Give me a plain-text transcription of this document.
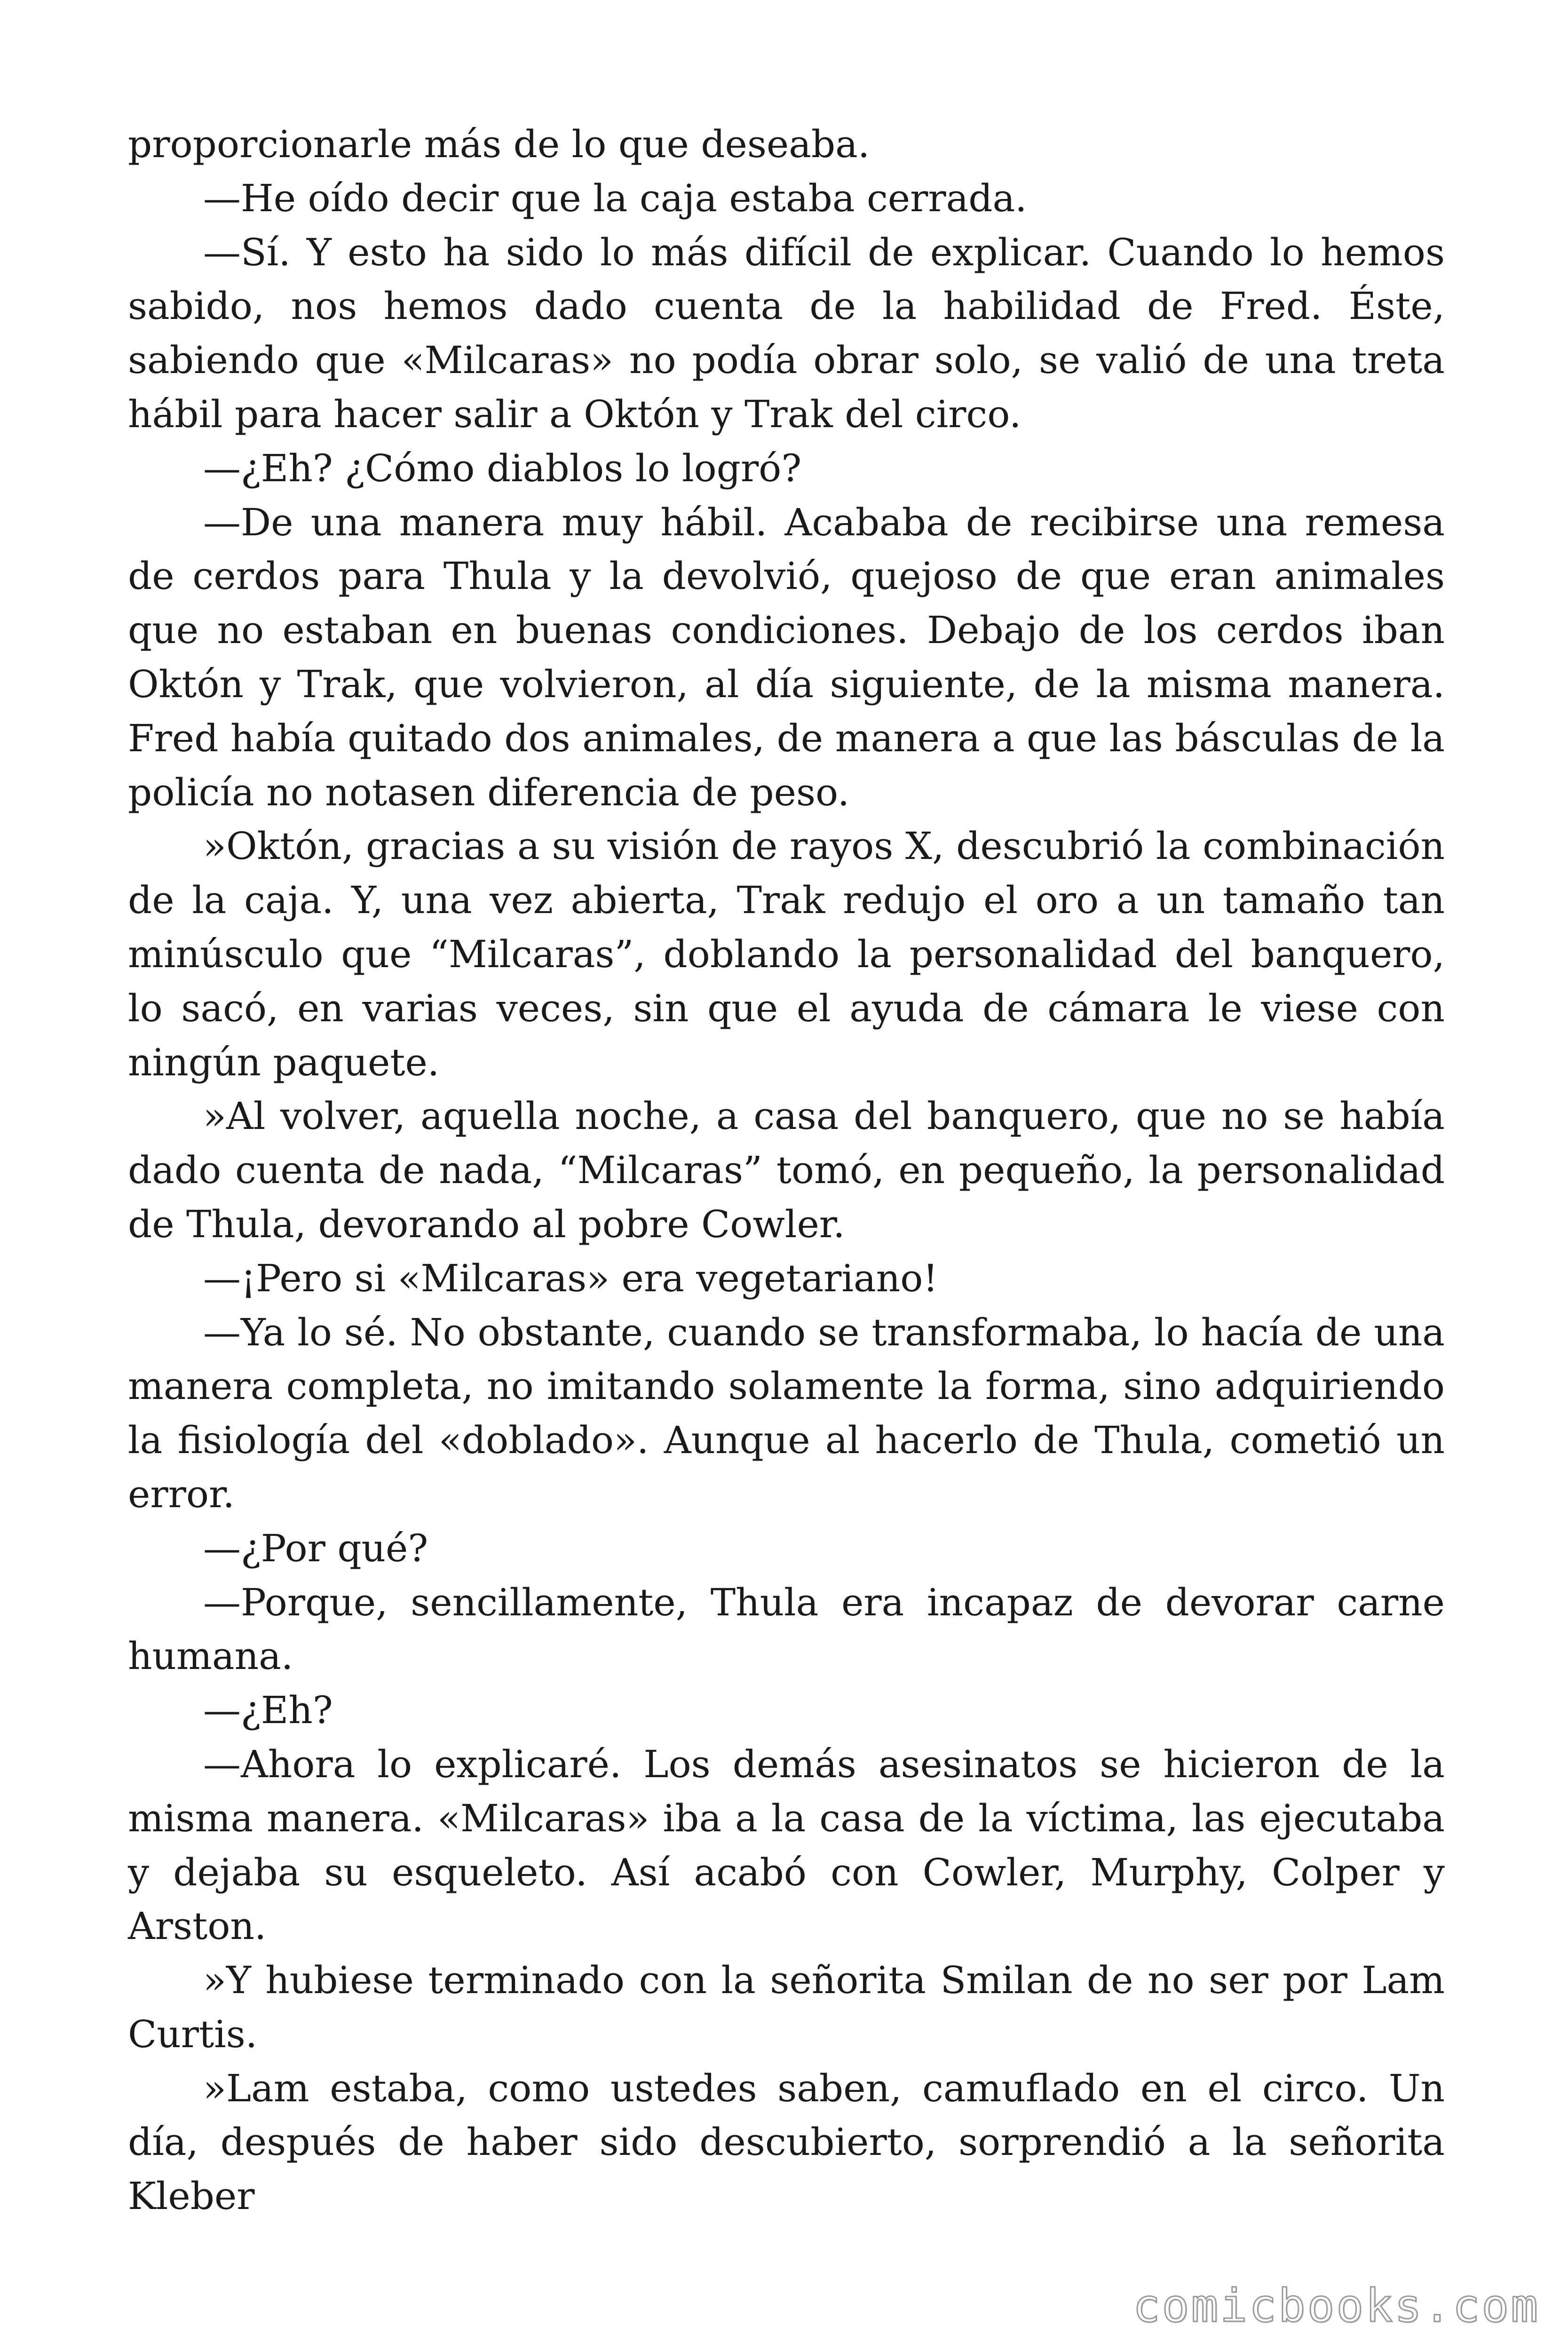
proporcionarle más de lo que deseaba.

—He oído decir que la caja estaba cerrada.

—Sí. Y esto ha sido lo más difícil de explicar. Cuando lo hemos sabido, nos hemos dado cuenta de la habilidad de Fred. Éste, sabiendo que «Milcaras» no podía obrar solo, se valió de una treta hábil para hacer salir a Októn y Trak del circo.

—¿Eh? ¿Cómo diablos lo logró?

—De una manera muy hábil. Acababa de recibirse una remesa de cerdos para Thula y la devolvió, quejoso de que eran animales que no estaban en buenas condiciones. Debajo de los cerdos iban Októn y Trak, que volvieron, al día siguiente, de la misma manera. Fred había quitado dos animales, de manera a que las básculas de la policía no notasen diferencia de peso.

»Októn, gracias a su visión de rayos X, descubrió la combinación de la caja. Y, una vez abierta, Trak redujo el oro a un tamaño tan minúsculo que “Milcaras”, doblando la personalidad del banquero, lo sacó, en varias veces, sin que el ayuda de cámara le viese con ningún paquete.

»Al volver, aquella noche, a casa del banquero, que no se había dado cuenta de nada, “Milcaras” tomó, en pequeño, la personalidad de Thula, devorando al pobre Cowler.

—¡Pero si «Milcaras» era vegetariano!

—Ya lo sé. No obstante, cuando se transformaba, lo hacía de una manera completa, no imitando solamente la forma, sino adquiriendo la fisiología del «doblado». Aunque al hacerlo de Thula, cometió un error.

—¿Por qué?

—Porque, sencillamente, Thula era incapaz de devorar carne humana.

—¿Eh?

—Ahora lo explicaré. Los demás asesinatos se hicieron de la misma manera. «Milcaras» iba a la casa de la víctima, las ejecutaba y dejaba su esqueleto. Así acabó con Cowler, Murphy, Colper y Arston.

»Y hubiese terminado con la señorita Smilan de no ser por Lam Curtis.

»Lam estaba, como ustedes saben, camuflado en el circo. Un día, después de haber sido descubierto, sorprendió a la señorita Kleber

comicbooks.com
